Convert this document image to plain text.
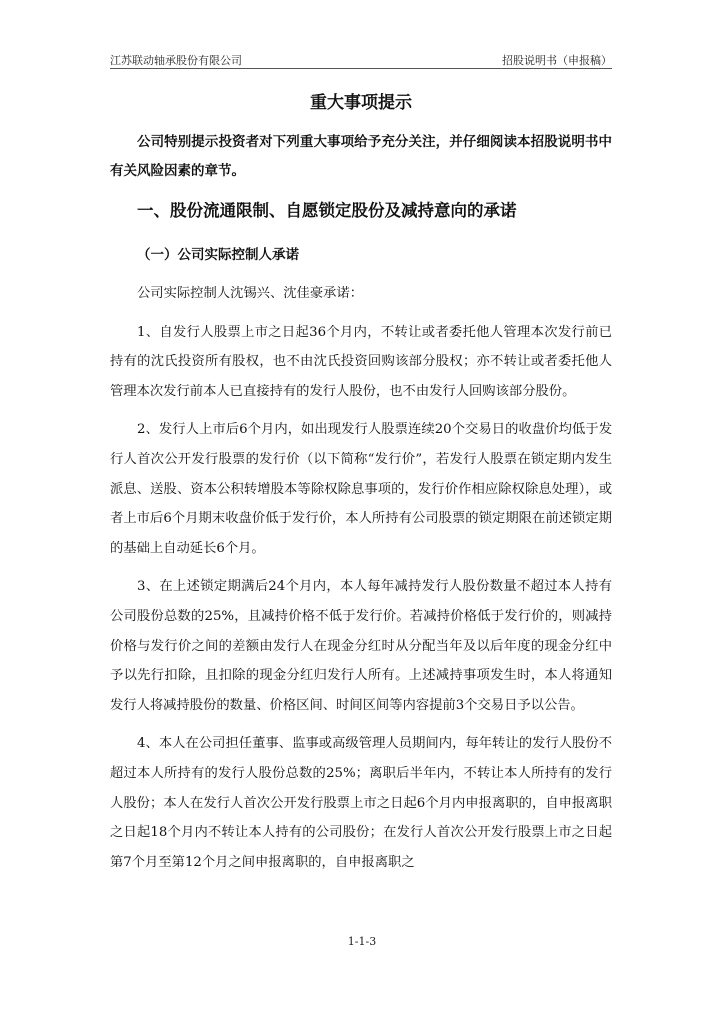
江苏联动轴承股份有限公司	招股说明书（申报稿）
重大事项提示

公司特别提示投资者对下列重大事项给予充分关注，并仔细阅读本招股说明书中有关风险因素的章节。

一、股份流通限制、自愿锁定股份及减持意向的承诺
（一）公司实际控制人承诺

公司实际控制人沈锡兴、沈佳豪承诺：

1、自发行人股票上市之日起36个月内，不转让或者委托他人管理本次发行前已持有的沈氏投资所有股权，也不由沈氏投资回购该部分股权；亦不转让或者委托他人管理本次发行前本人已直接持有的发行人股份，也不由发行人回购该部分股份。

2、发行人上市后6个月内，如出现发行人股票连续20个交易日的收盘价均低于发行人首次公开发行股票的发行价（以下简称“发行价”，若发行人股票在锁定期内发生派息、送股、资本公积转增股本等除权除息事项的，发行价作相应除权除息处理），或者上市后6个月期末收盘价低于发行价，本人所持有公司股票的锁定期限在前述锁定期的基础上自动延长6个月。

3、在上述锁定期满后24个月内，本人每年减持发行人股份数量不超过本人持有公司股份总数的25%，且减持价格不低于发行价。若减持价格低于发行价的，则减持价格与发行价之间的差额由发行人在现金分红时从分配当年及以后年度的现金分红中予以先行扣除，且扣除的现金分红归发行人所有。上述减持事项发生时，本人将通知发行人将减持股份的数量、价格区间、时间区间等内容提前3个交易日予以公告。

4、本人在公司担任董事、监事或高级管理人员期间内，每年转让的发行人股份不超过本人所持有的发行人股份总数的25%；离职后半年内，不转让本人所持有的发行人股份；本人在发行人首次公开发行股票上市之日起6个月内申报离职的，自申报离职之日起18个月内不转让本人持有的公司股份；在发行人首次公开发行股票上市之日起第7个月至第12个月之间申报离职的，自申报离职之

1-1-3
